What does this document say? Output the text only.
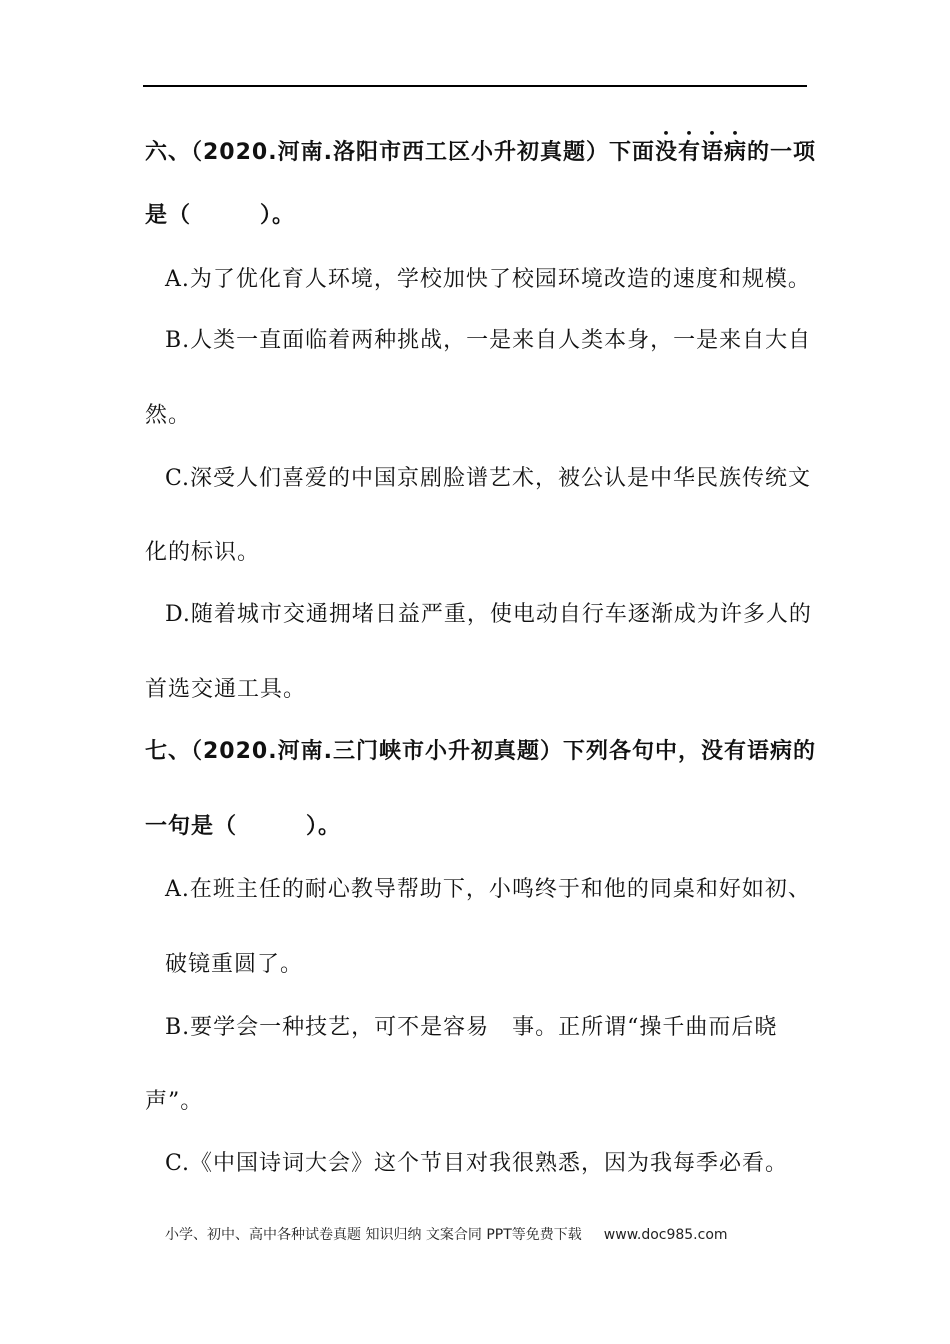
六、（2020.河南.洛阳市西工区小升初真题）下面没有语病的一项
是（　　　）。
A.为了优化育人环境，学校加快了校园环境改造的速度和规模。
B.人类一直面临着两种挑战，一是来自人类本身，一是来自大自
然。
C.深受人们喜爱的中国京剧脸谱艺术，被公认是中华民族传统文
化的标识。
D.随着城市交通拥堵日益严重，使电动自行车逐渐成为许多人的
首选交通工具。
七、（2020.河南.三门峡市小升初真题）下列各句中，没有语病的
一句是（　　　）。
A.在班主任的耐心教导帮助下，小鸣终于和他的同桌和好如初、
破镜重圆了。
B.要学会一种技艺，可不是容易　事。正所谓“操千曲而后晓
声”。
C.《中国诗词大会》这个节目对我很熟悉，因为我每季必看。
小学、初中、高中各种试卷真题 知识归纳 文案合同 PPT等免费下载 www.doc985.com
